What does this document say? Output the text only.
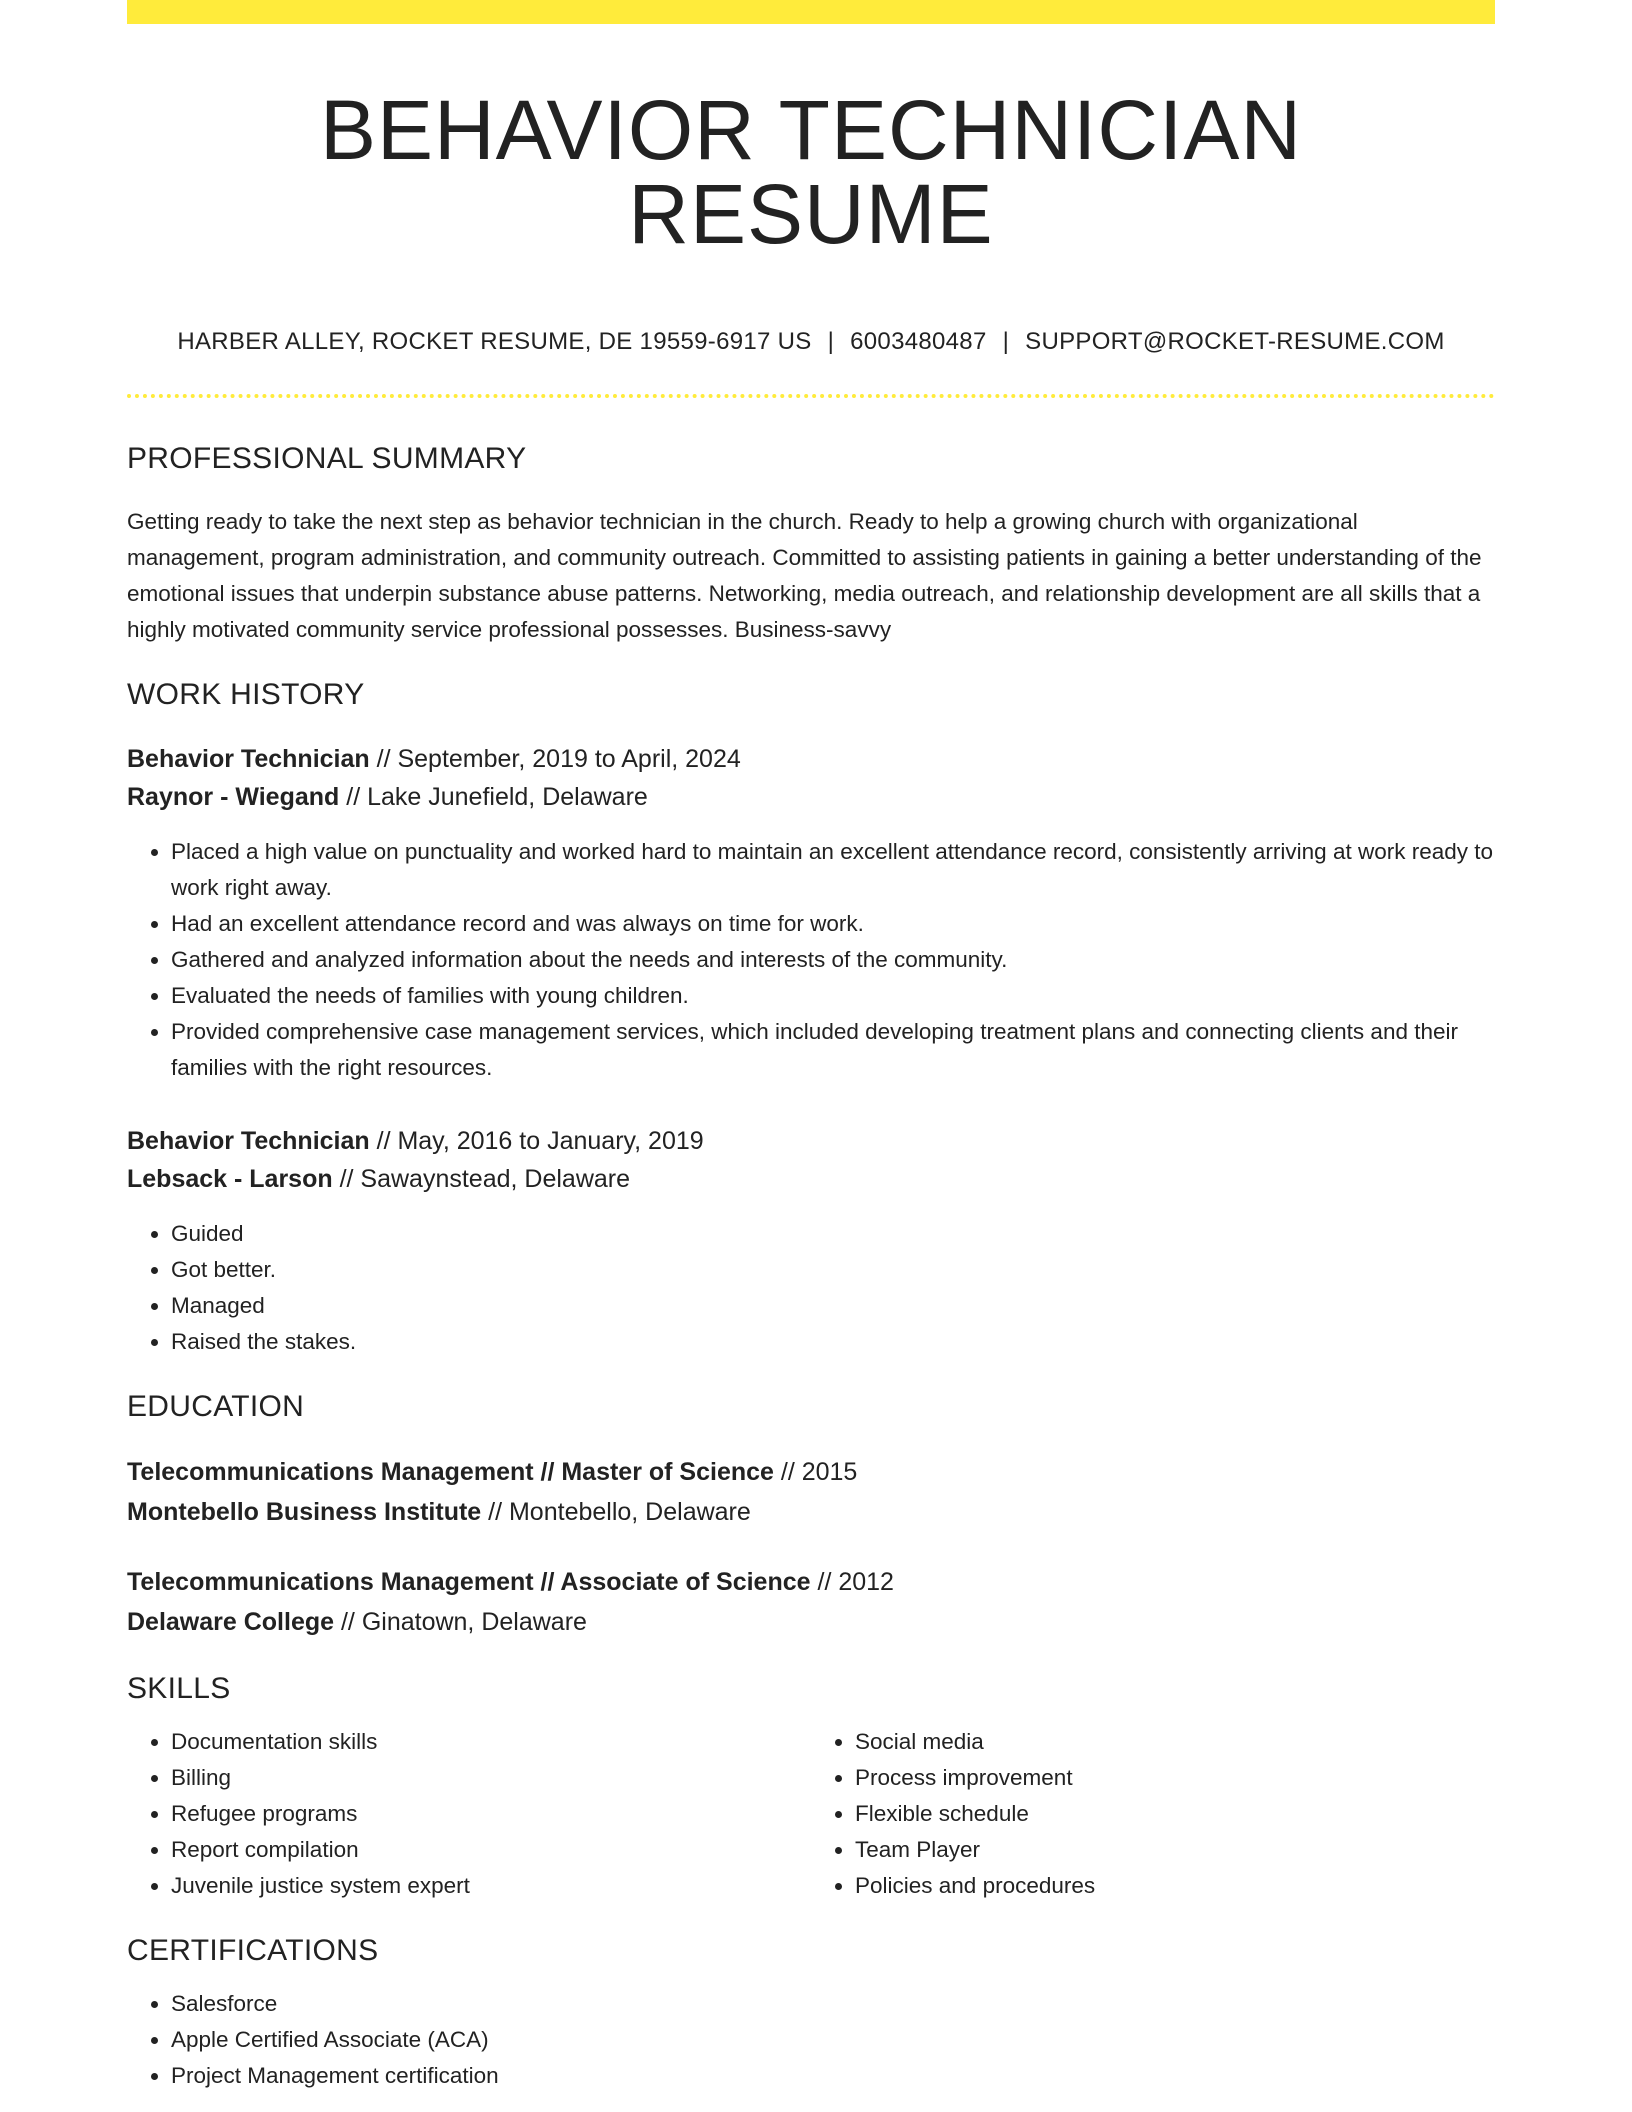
BEHAVIOR TECHNICIAN RESUME
HARBER ALLEY, ROCKET RESUME, DE 19559-6917 US | 6003480487 | SUPPORT@ROCKET-RESUME.COM
PROFESSIONAL SUMMARY

Getting ready to take the next step as behavior technician in the church. Ready to help a growing church with organizational management, program administration, and community outreach. Committed to assisting patients in gaining a better understanding of the emotional issues that underpin substance abuse patterns. Networking, media outreach, and relationship development are all skills that a highly motivated community service professional possesses. Business-savvy

WORK HISTORY
Behavior Technician // September, 2019 to April, 2024
Raynor - Wiegand // Lake Junefield, Delaware
• Placed a high value on punctuality and worked hard to maintain an excellent attendance record, consistently arriving at work ready to work right away.
• Had an excellent attendance record and was always on time for work.
• Gathered and analyzed information about the needs and interests of the community.
• Evaluated the needs of families with young children.
• Provided comprehensive case management services, which included developing treatment plans and connecting clients and their families with the right resources.
Behavior Technician // May, 2016 to January, 2019
Lebsack - Larson // Sawaynstead, Delaware
• Guided
• Got better.
• Managed
• Raised the stakes.
EDUCATION
Telecommunications Management // Master of Science // 2015
Montebello Business Institute // Montebello, Delaware
Telecommunications Management // Associate of Science // 2012
Delaware College // Ginatown, Delaware
SKILLS
• Documentation skills
• Billing
• Refugee programs
• Report compilation
• Juvenile justice system expert
• Social media
• Process improvement
• Flexible schedule
• Team Player
• Policies and procedures
CERTIFICATIONS
• Salesforce
• Apple Certified Associate (ACA)
• Project Management certification
